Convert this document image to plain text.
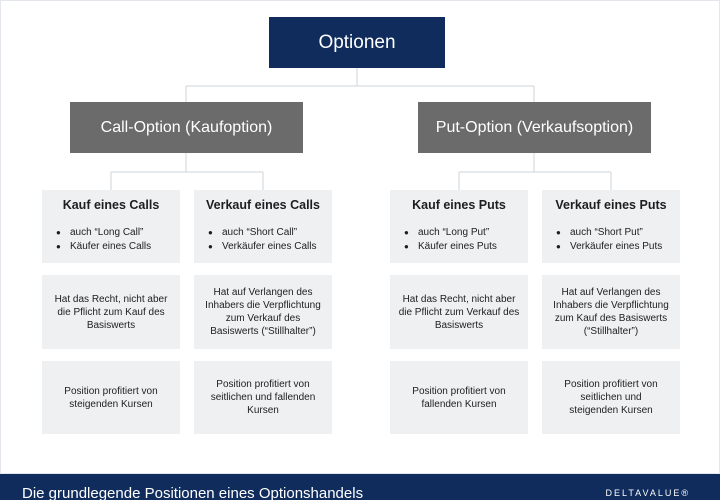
Optionen
Call-Option (Kaufoption)	Put-Option (Verkaufsoption)
Kauf eines Calls
● auch “Long Call”
● Käufer eines Calls
Hat das Recht, nicht aber die Pflicht zum Kauf des Basiswerts
Position profitiert von steigenden Kursen
Verkauf eines Calls
● auch “Short Call”
● Verkäufer eines Calls
Hat auf Verlangen des Inhabers die Verpflichtung zum Verkauf des Basiswerts (“Stillhalter”)
Position profitiert von seitlichen und fallenden Kursen
Kauf eines Puts
● auch “Long Put”
● Käufer eines Puts
Hat das Recht, nicht aber die Pflicht zum Verkauf des Basiswerts
Position profitiert von fallenden Kursen
Verkauf eines Puts
● auch “Short Put”
● Verkäufer eines Puts
Hat auf Verlangen des Inhabers die Verpflichtung zum Kauf des Basiswerts (“Stillhalter”)
Position profitiert von seitlichen und steigenden Kursen
Die grundlegende Positionen eines Optionshandels	DELTAVALUE®
